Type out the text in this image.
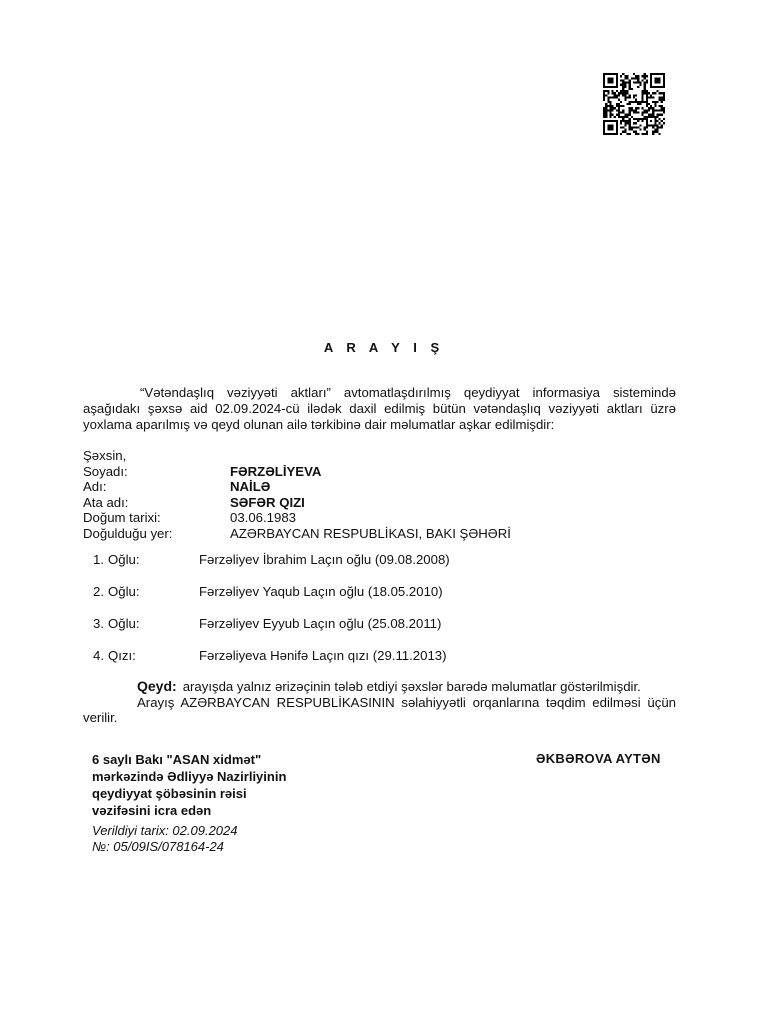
A R A Y I Ş
“Vətəndaşlıq vəziyyəti aktları” avtomatlaşdırılmış qeydiyyat informasiya sistemində aşağıdakı şəxsə aid 02.09.2024-cü ilədək daxil edilmiş bütün vətəndaşlıq vəziyyəti aktları üzrə yoxlama aparılmış və qeyd olunan ailə tərkibinə dair məlumatlar aşkar edilmişdir:
Şəxsin,
Soyadı:	FƏRZƏLİYEVA
Adı:	NAİLƏ
Ata adı:	SƏFƏR QIZI
Doğum tarixi:	03.06.1983
Doğulduğu yer:	AZƏRBAYCAN RESPUBLİKASI, BAKI ŞƏHƏRİ
1. Oğlu:	Fərzəliyev İbrahim Laçın oğlu (09.08.2008)
2. Oğlu:	Fərzəliyev Yaqub Laçın oğlu (18.05.2010)
3. Oğlu:	Fərzəliyev Eyyub Laçın oğlu (25.08.2011)
4. Qızı:	Fərzəliyeva Hənifə Laçın qızı (29.11.2013)
Qeyd: arayışda yalnız ərizəçinin tələb etdiyi şəxslər barədə məlumatlar göstərilmişdir.
Arayış AZƏRBAYCAN RESPUBLİKASININ səlahiyyətli orqanlarına təqdim edilməsi üçün verilir.
6 saylı Bakı "ASAN xidmət"
mərkəzində Ədliyyə Nazirliyinin
qeydiyyat şöbəsinin rəisi
vəzifəsini icra edən
ƏKBƏROVA AYTƏN
Verildiyi tarix: 02.09.2024
№: 05/09IS/078164-24
